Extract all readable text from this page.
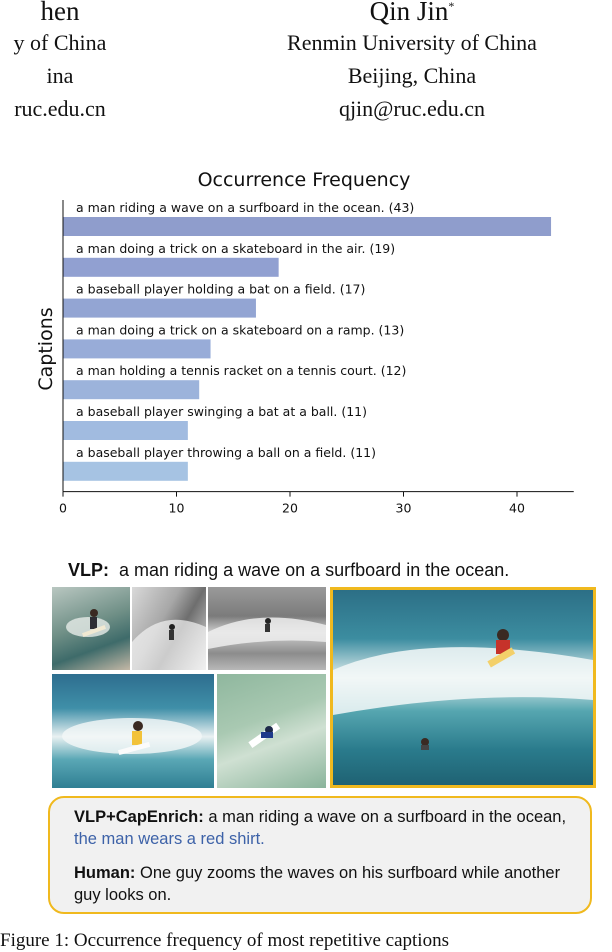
hen
y of China
ina
ruc.edu.cn
Qin Jin*
Renmin University of China
Beijing, China
qjin@ruc.edu.cn
Occurrence Frequency
Captions
a man riding a wave on a surfboard in the ocean. (43)
a man doing a trick on a skateboard in the air. (19)
a baseball player holding a bat on a field. (17)
a man doing a trick on a skateboard on a ramp. (13)
a man holding a tennis racket on a tennis court. (12)
a baseball player swinging a bat at a ball. (11)
a baseball player throwing a ball on a field. (11)
0	10	20	30	40
VLP: a man riding a wave on a surfboard in the ocean.

VLP+CapEnrich: a man riding a wave on a surfboard in the ocean, the man wears a red shirt.

Human: One guy zooms the waves on his surfboard while another guy looks on.

Figure 1: Occurrence frequency of most repetitive captions
